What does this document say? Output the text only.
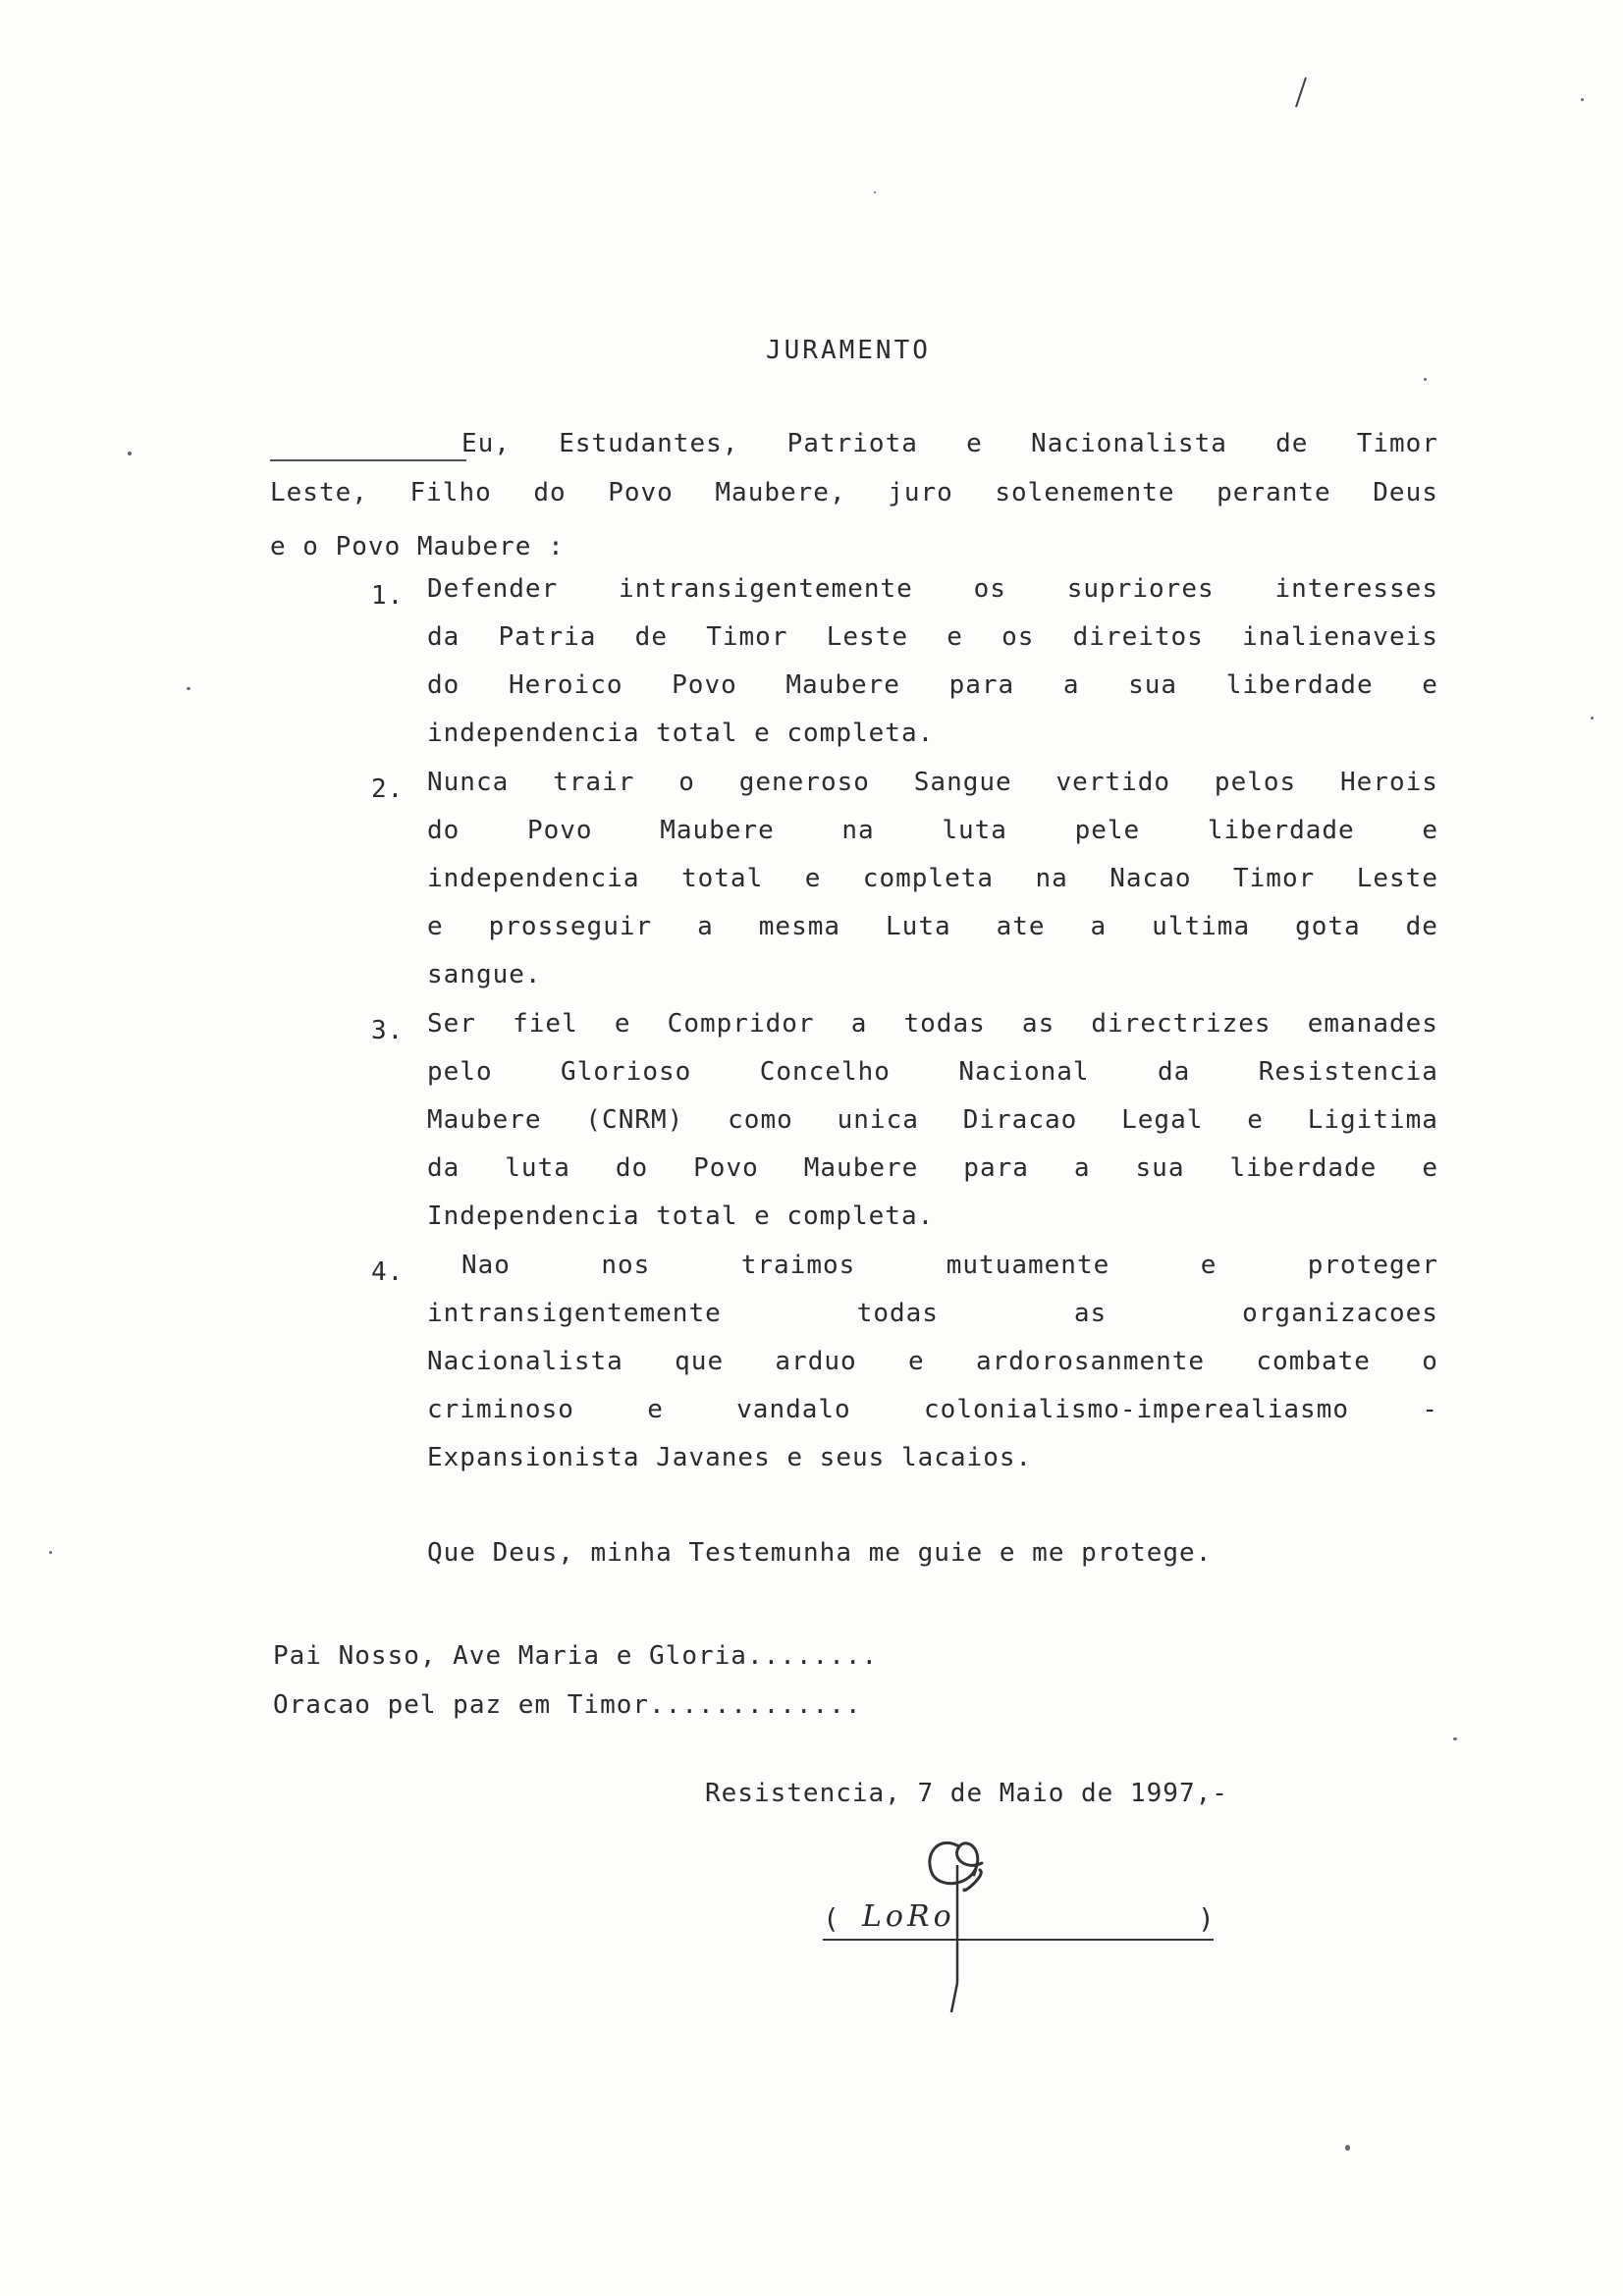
JURAMENTO
Eu, Estudantes, Patriota e Nacionalista de Timor
Leste, Filho do Povo Maubere, juro solenemente perante Deus
e o Povo Maubere :
1. Defender intransigentemente os supriores interesses
da Patria de Timor Leste e os direitos inalienaveis
do Heroico Povo Maubere para a sua liberdade e
independencia total e completa.
2. Nunca trair o generoso Sangue vertido pelos Herois
do	Povo	Maubere	na	luta	pele	liberdade	e
independencia total e completa na Nacao Timor Leste
e prosseguir a mesma Luta ate a ultima gota de
sangue.
3. Ser fiel e Compridor a todas as directrizes emanades
pelo	Glorioso	Concelho	Nacional	da	Resistencia
Maubere (CNRM) como unica Diracao Legal e Ligitima
da luta do Povo Maubere para a sua liberdade e
Independencia total e completa.
4. Nao	nos	traimos	mutuamente	e	proteger
intransigentemente	todas	as	organizacoes
Nacionalista que arduo e ardorosanmente combate o
criminoso	e	vandalo	colonialismo-imperealiasmo	-
Expansionista Javanes e seus lacaios.
Que Deus, minha Testemunha me guie e me protege.
Pai Nosso, Ave Maria e Gloria........
Oracao pel paz em Timor.............
Resistencia, 7 de Maio de 1997,-
( LoRo	)
